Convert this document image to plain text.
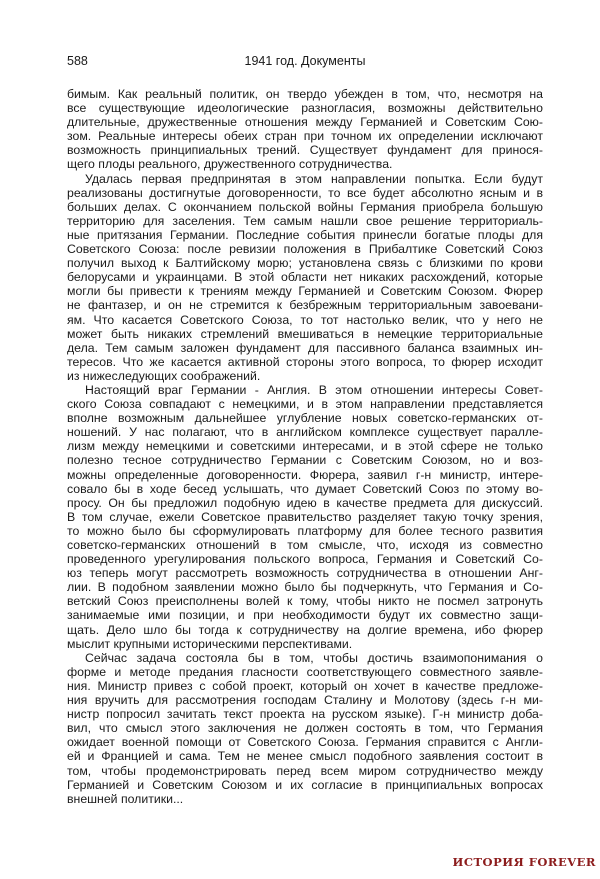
588	1941 год. Документы
бимым. Как реальный политик, он твердо убежден в том, что, несмотря на
все существующие идеологические разногласия, возможны действительно
длительные, дружественные отношения между Германией и Советским Сою-
зом. Реальные интересы обеих стран при точном их определении исключают
возможность принципиальных трений. Существует фундамент для принося-
щего плоды реального, дружественного сотрудничества.
Удалась первая предпринятая в этом направлении попытка. Если будут
реализованы достигнутые договоренности, то все будет абсолютно ясным и в
больших делах. С окончанием польской войны Германия приобрела большую
территорию для заселения. Тем самым нашли свое решение территориаль-
ные притязания Германии. Последние события принесли богатые плоды для
Советского Союза: после ревизии положения в Прибалтике Советский Союз
получил выход к Балтийскому морю; установлена связь с близкими по крови
белорусами и украинцами. В этой области нет никаких расхождений, которые
могли бы привести к трениям между Германией и Советским Союзом. Фюрер
не фантазер, и он не стремится к безбрежным территориальным завоевани-
ям. Что касается Советского Союза, то тот настолько велик, что у него не
может быть никаких стремлений вмешиваться в немецкие территориальные
дела. Тем самым заложен фундамент для пассивного баланса взаимных ин-
тересов. Что же касается активной стороны этого вопроса, то фюрер исходит
из нижеследующих соображений.
Настоящий враг Германии - Англия. В этом отношении интересы Совет-
ского Союза совпадают с немецкими, и в этом направлении представляется
вполне возможным дальнейшее углубление новых советско-германских от-
ношений. У нас полагают, что в английском комплексе существует паралле-
лизм между немецкими и советскими интересами, и в этой сфере не только
полезно тесное сотрудничество Германии с Советским Союзом, но и воз-
можны определенные договоренности. Фюрера, заявил г-н министр, интере-
совало бы в ходе бесед услышать, что думает Советский Союз по этому во-
просу. Он бы предложил подобную идею в качестве предмета для дискуссий.
В том случае, ежели Советское правительство разделяет такую точку зрения,
то можно было бы сформулировать платформу для более тесного развития
советско-германских отношений в том смысле, что, исходя из совместно
проведенного урегулирования польского вопроса, Германия и Советский Со-
юз теперь могут рассмотреть возможность сотрудничества в отношении Анг-
лии. В подобном заявлении можно было бы подчеркнуть, что Германия и Со-
ветский Союз преисполнены волей к тому, чтобы никто не посмел затронуть
занимаемые ими позиции, и при необходимости будут их совместно защи-
щать. Дело шло бы тогда к сотрудничеству на долгие времена, ибо фюрер
мыслит крупными историческими перспективами.
Сейчас задача состояла бы в том, чтобы достичь взаимопонимания о
форме и методе предания гласности соответствующего совместного заявле-
ния. Министр привез с собой проект, который он хочет в качестве предложе-
ния вручить для рассмотрения господам Сталину и Молотову (здесь г-н ми-
нистр попросил зачитать текст проекта на русском языке). Г-н министр доба-
вил, что смысл этого заключения не должен состоять в том, что Германия
ожидает военной помощи от Советского Союза. Германия справится с Англи-
ей и Францией и сама. Тем не менее смысл подобного заявления состоит в
том, чтобы продемонстрировать перед всем миром сотрудничество между
Германией и Советским Союзом и их согласие в принципиальных вопросах
внешней политики...
ИСТОРИЯ FOREVER
